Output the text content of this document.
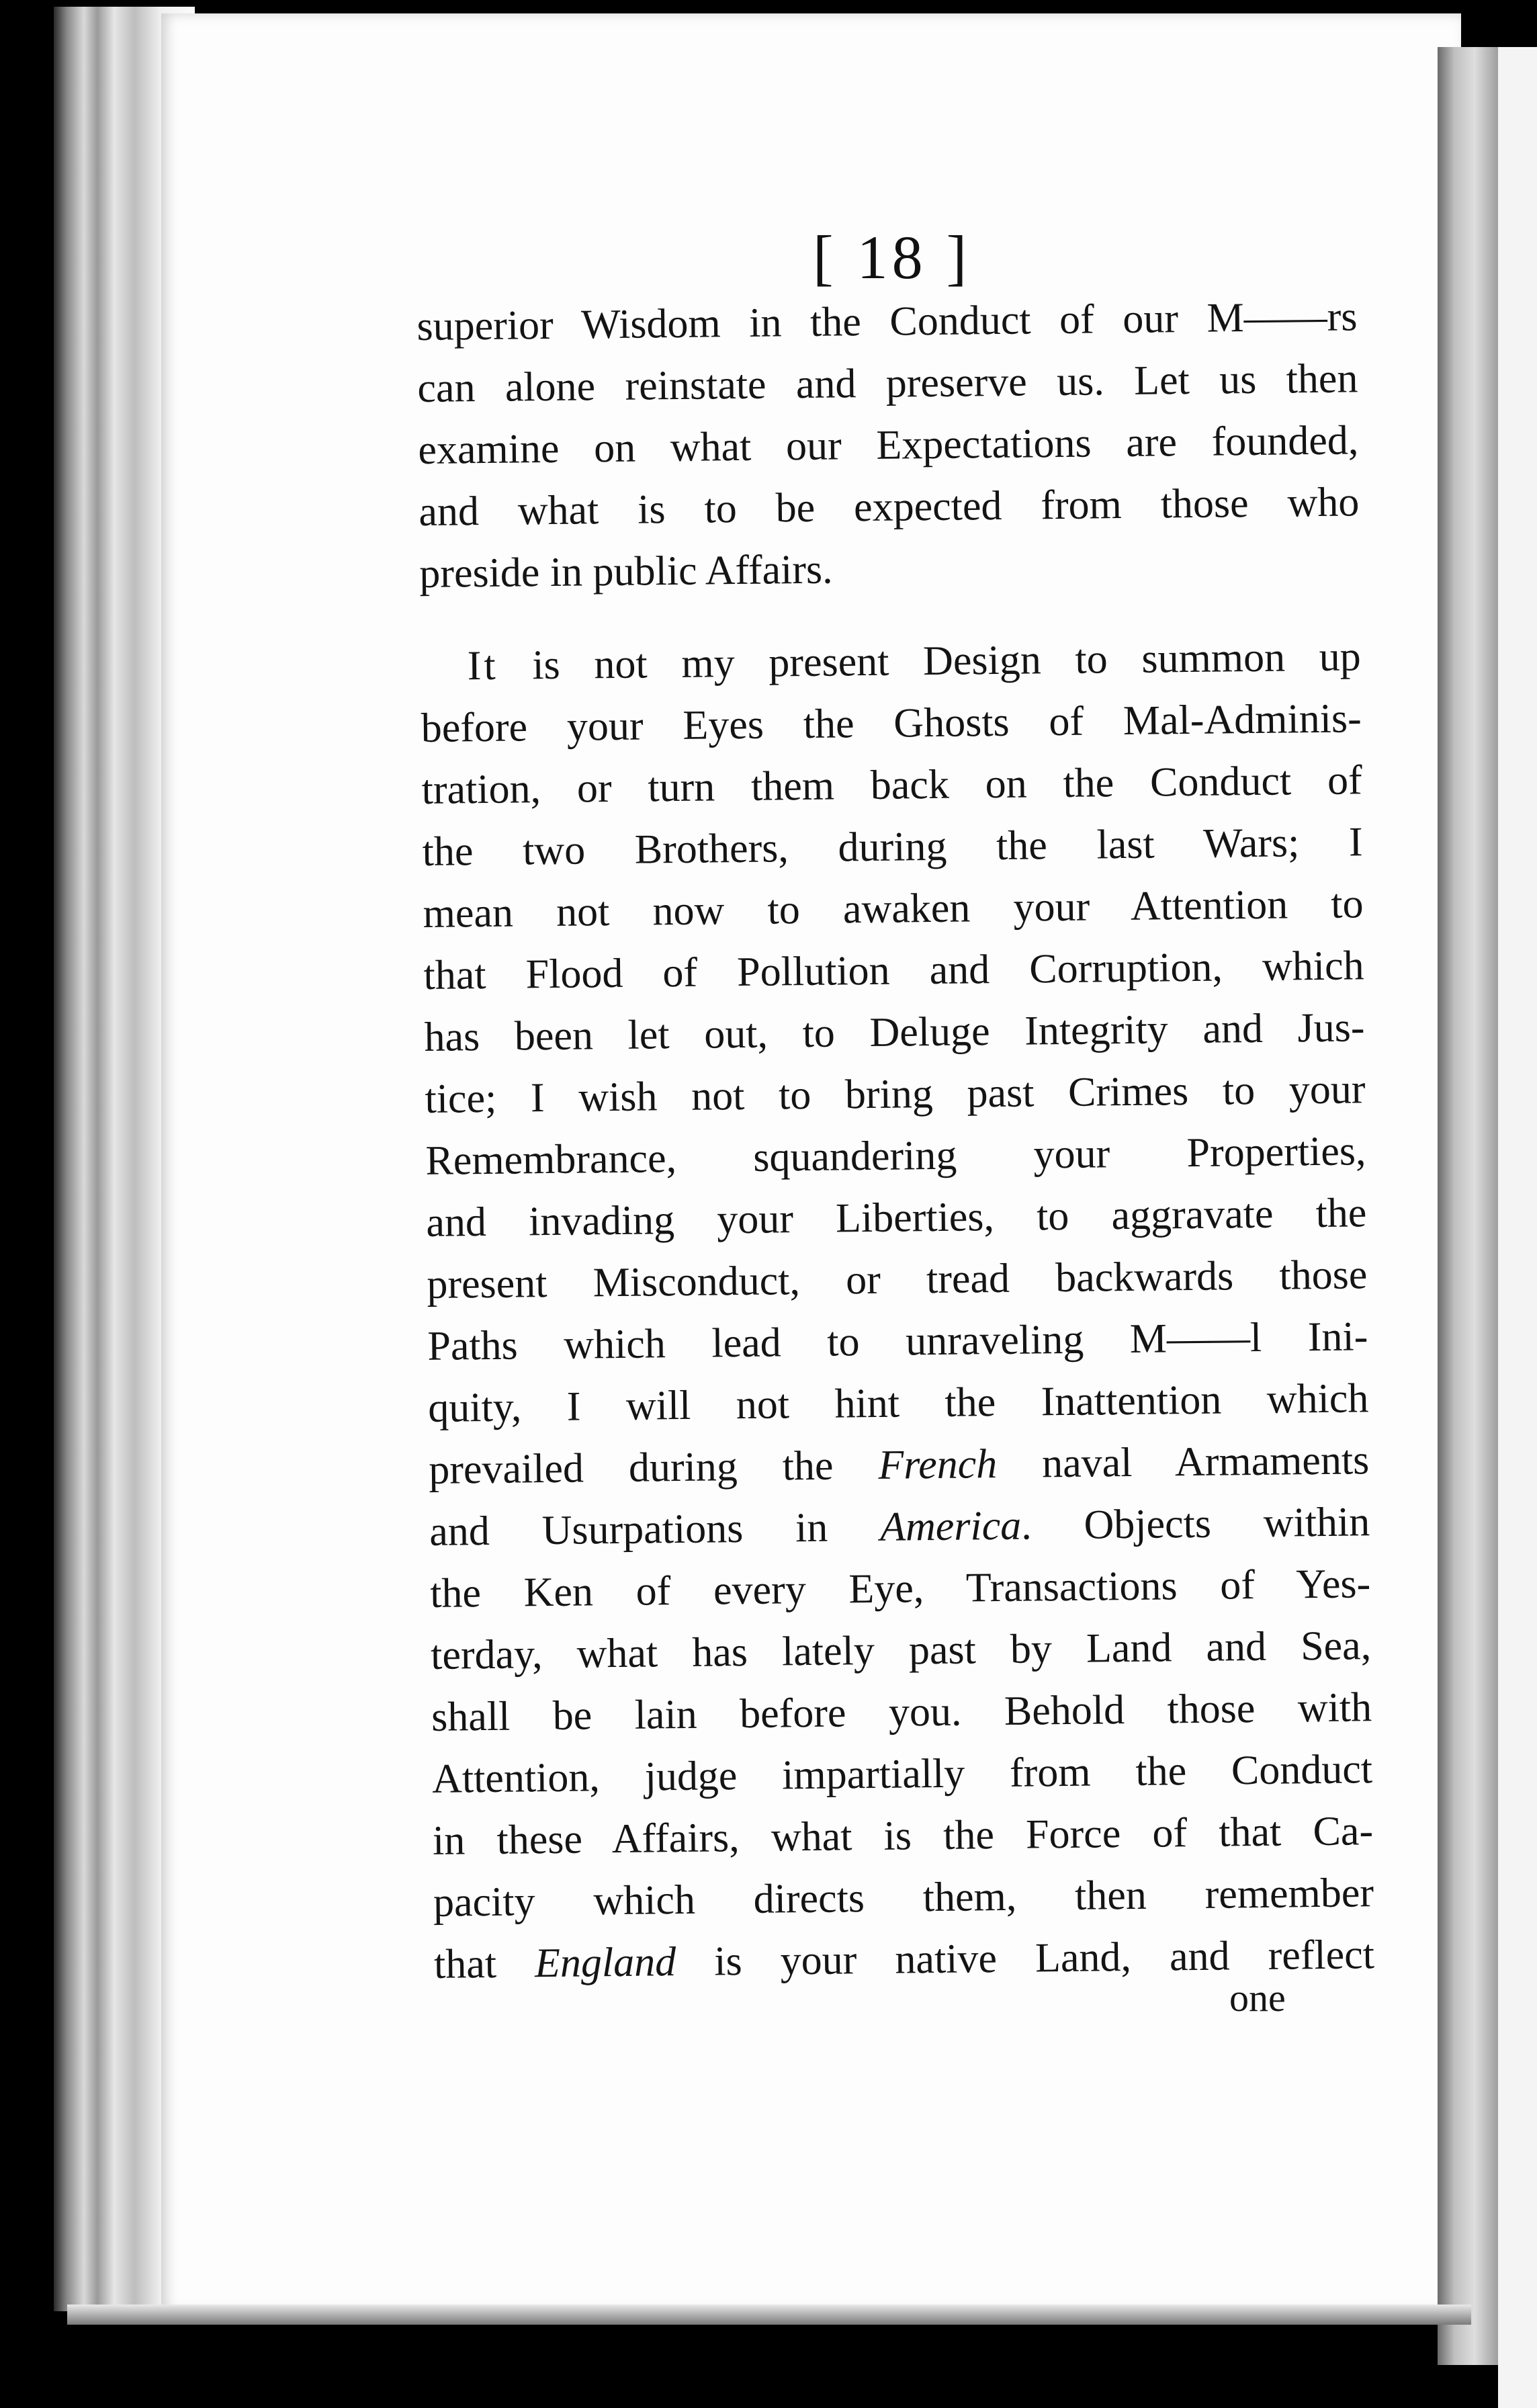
[ 18 ]
superior Wisdom in the Conduct of our M——rs
can alone reinstate and preserve us. Let us then
examine on what our Expectations are founded,
and what is to be expected from those who
preside in public Affairs.
It is not my present Design to summon up
before your Eyes the Ghosts of Mal-Adminis-
tration, or turn them back on the Conduct of
the two Brothers, during the last Wars; I
mean not now to awaken your Attention to
that Flood of Pollution and Corruption, which
has been let out, to Deluge Integrity and Jus-
tice; I wish not to bring past Crimes to your
Remembrance, squandering your Properties,
and invading your Liberties, to aggravate the
present Misconduct, or tread backwards those
Paths which lead to unraveling M——l Ini-
quity, I will not hint the Inattention which
prevailed during the French naval Armaments
and Usurpations in America. Objects within
the Ken of every Eye, Transactions of Yes-
terday, what has lately past by Land and Sea,
shall be lain before you. Behold those with
Attention, judge impartially from the Conduct
in these Affairs, what is the Force of that Ca-
pacity which directs them, then remember
that England is your native Land, and reflect
one
